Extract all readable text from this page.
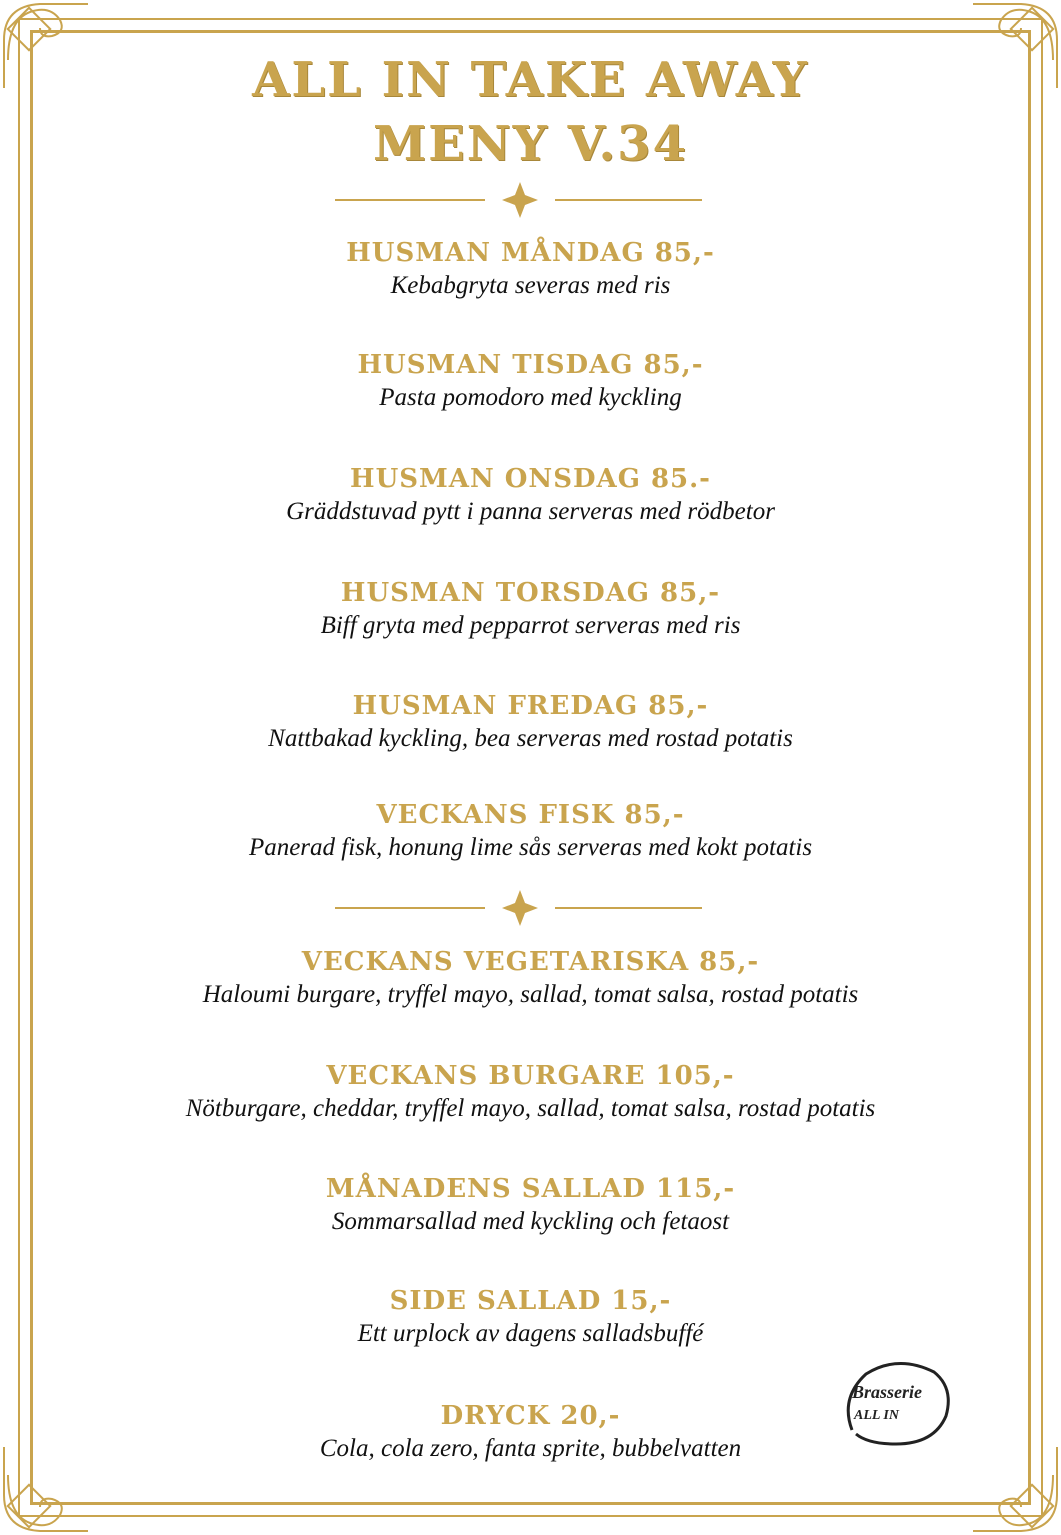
ALL IN TAKE AWAY
MENY V.34
HUSMAN MÅNDAG 85,-
Kebabgryta severas med ris
HUSMAN TISDAG 85,-
Pasta pomodoro med kyckling
HUSMAN ONSDAG 85.-
Gräddstuvad pytt i panna serveras med rödbetor
HUSMAN TORSDAG 85,-
Biff gryta med pepparrot serveras med ris
HUSMAN FREDAG 85,-
Nattbakad kyckling, bea serveras med rostad potatis
VECKANS FISK 85,-
Panerad fisk, honung lime sås serveras med kokt potatis
VECKANS VEGETARISKA 85,-
Haloumi burgare, tryffel mayo, sallad, tomat salsa, rostad potatis
VECKANS BURGARE 105,-
Nötburgare, cheddar, tryffel mayo, sallad, tomat salsa, rostad potatis
MÅNADENS SALLAD 115,-
Sommarsallad med kyckling och fetaost
SIDE SALLAD 15,-
Ett urplock av dagens salladsbuffé
DRYCK 20,-
Cola, cola zero, fanta sprite, bubbelvatten
Brasserie
ALL IN
